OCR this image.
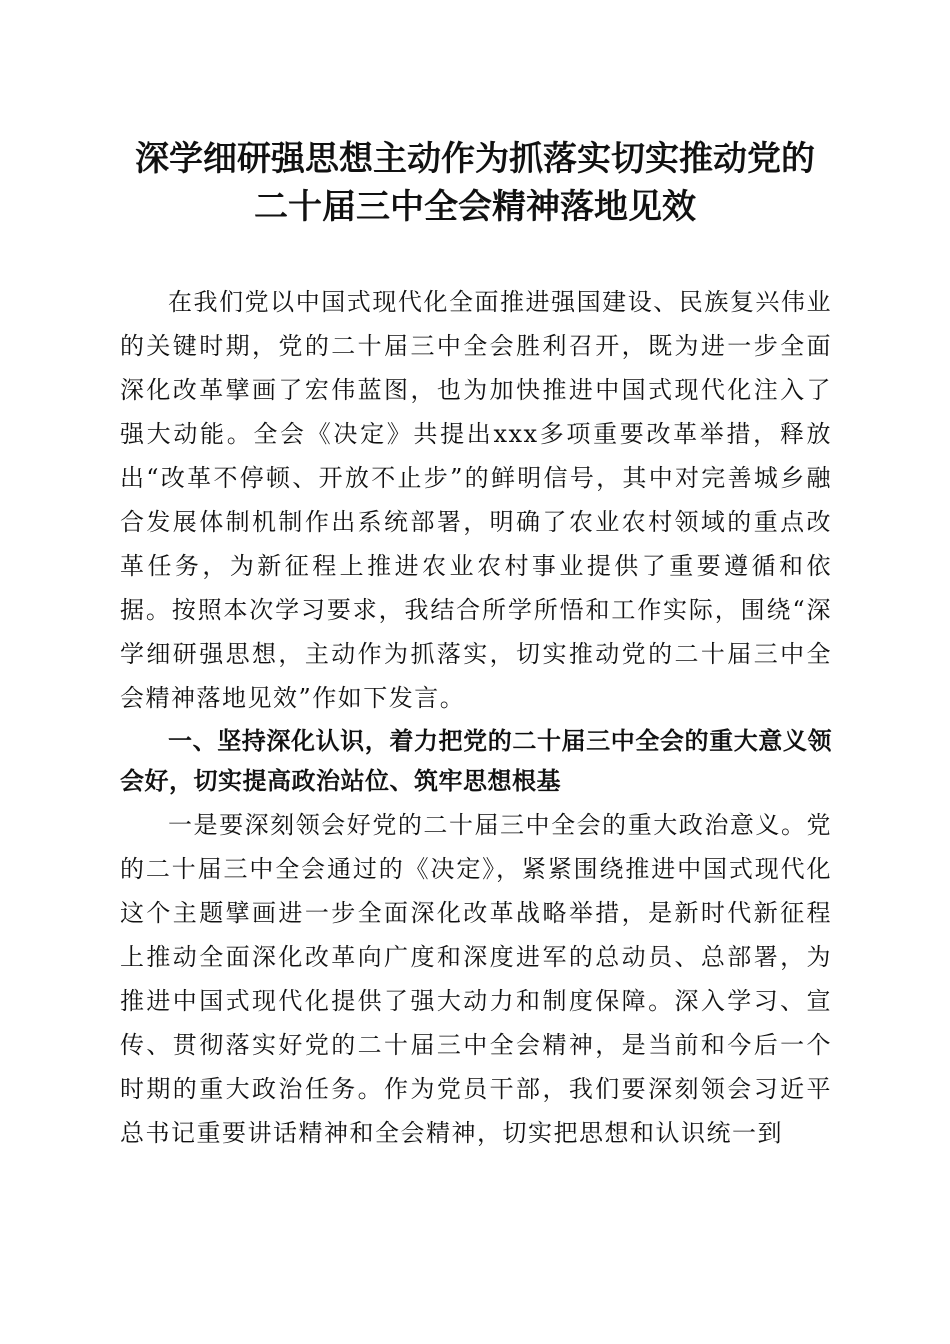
深学细研强思想主动作为抓落实切实推动党的
二十届三中全会精神落地见效

在我们党以中国式现代化全面推进强国建设、民族复兴伟业的关键时期，党的二十届三中全会胜利召开，既为进一步全面深化改革擘画了宏伟蓝图，也为加快推进中国式现代化注入了强大动能。全会《决定》共提出xxx多项重要改革举措，释放出“改革不停顿、开放不止步”的鲜明信号，其中对完善城乡融合发展体制机制作出系统部署，明确了农业农村领域的重点改革任务，为新征程上推进农业农村事业提供了重要遵循和依据。按照本次学习要求，我结合所学所悟和工作实际，围绕“深学细研强思想，主动作为抓落实，切实推动党的二十届三中全会精神落地见效”作如下发言。

一、坚持深化认识，着力把党的二十届三中全会的重大意义领会好，切实提高政治站位、筑牢思想根基

一是要深刻领会好党的二十届三中全会的重大政治意义。党的二十届三中全会通过的《决定》，紧紧围绕推进中国式现代化这个主题擘画进一步全面深化改革战略举措，是新时代新征程上推动全面深化改革向广度和深度进军的总动员、总部署，为推进中国式现代化提供了强大动力和制度保障。深入学习、宣传、贯彻落实好党的二十届三中全会精神，是当前和今后一个时期的重大政治任务。作为党员干部，我们要深刻领会习近平总书记重要讲话精神和全会精神，切实把思想和认识统一到
